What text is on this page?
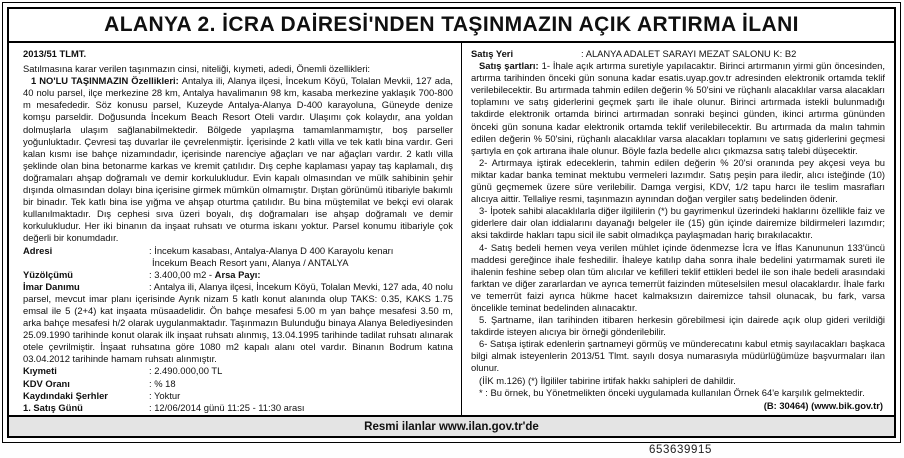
ALANYA 2. İCRA DAİRESİ'NDEN TAŞINMAZIN AÇIK ARTIRMA İLANI

2013/51 TLMT.

Satılmasına karar verilen taşınmazın cinsi, niteliği, kıymeti, adedi, Önemli özellikleri:

1 NO'LU TAŞINMAZIN Özellikleri: Antalya ili, Alanya ilçesi, İncekum Köyü, Tolalan Mevkii, 127 ada, 40 nolu parsel, ilçe merkezine 28 km, Antalya havalimanın 98 km, kasaba merkezine yaklaşık 700-800 m mesafededir. Söz konusu parsel, Kuzeyde Antalya-Alanya D-400 karayoluna, Güneyde denize komşu parseldir. Doğusunda İncekum Beach Resort Oteli vardır. Ulaşımı çok kolaydır, ana yoldan dolmuşlarla ulaşım sağlanabilmektedir. Bölgede yapılaşma tamamlanmamıştır, boş parseller yoğunluktadır. Çevresi taş duvarlar ile çevrelenmiştir. İçerisinde 2 katlı villa ve tek katlı bina vardır. Geri kalan kısmı ise bahçe nizamındadır, içerisinde narenciye ağaçları ve nar ağaçları vardır. 2 katlı villa şeklinde olan bina betonarme karkas ve kremit çatılıdır. Dış cephe kaplaması yapay taş kaplamalı, dış doğramaları ahşap doğramalı ve demir korkulukludur. Evin kapalı olmasından ve mülk sahibinin şehir dışında olmasından dolayı bina içerisine girmek mümkün olmamıştır. Dıştan görünümü itibariyle bakımlı bir binadır. Tek katlı bina ise yığma ve ahşap oturtma çatılıdır. Bu bina müştemilat ve bekçi evi olarak kullanılmaktadır. Dış cephesi sıva üzeri boyalı, dış doğramaları ise ahşap doğramalı ve demir korkulukludur. Her iki binanın da inşaat ruhsatı ve oturma iskanı yoktur. Parsel konumu itibariyle çok değerli bir konumdadır.

Adresi	: İncekum kasabası, Antalya-Alanya D 400 Karayolu kenarı
İncekum Beach Resort yanı, Alanya / ANTALYA
Yüzölçümü	: 3.400,00 m2 - Arsa Payı:

İmar Danımu	: Antalya ili, Alanya ilçesi, İncekum Köyü, Tolalan Mevki, 127 ada, 40 nolu parsel, mevcut imar planı içerisinde Ayrık nizam 5 katlı konut alanında olup TAKS: 0.35, KAKS 1.75 emsal ile 5 (2+4) kat inşaata müsaadelidir. Ön bahçe mesafesi 5.00 m yan bahçe mesafesi 3.50 m, arka bahçe mesafesi h/2 olarak uygulanmaktadır. Taşınmazın Bulunduğu binaya Alanya Belediyesinden 25.09.1990 tarihinde konut olarak ilk inşaat ruhsatı alınmış, 13.04.1995 tarihinde tadilat ruhsatı alınarak otele çevrilmiştir. İnşaat ruhsatına göre 1080 m2 kapalı alanı otel vardır. Binanın Bodrum katına 03.04.2012 tarihinde hamam ruhsatı alınmıştır.

Kıymeti	: 2.490.000,00 TL
KDV Oranı	: % 18
Kaydındaki Şerhler	: Yoktur
1. Satış Günü	: 12/06/2014 günü 11:25 - 11:30 arası
Satış Yeri	: ALANYA ADALET SARAYI MEZAT SALONU K: B2

Satış şartları: 1- İhale açık artırma suretiyle yapılacaktır. Birinci artırmanın yirmi gün öncesinden, artırma tarihinden önceki gün sonuna kadar esatis.uyap.gov.tr adresinden elektronik ortamda teklif verilebilecektir. Bu artırmada tahmin edilen değerin % 50'sini ve rüçhanlı alacaklılar varsa alacakları toplamını ve satış giderlerini geçmek şartı ile ihale olunur. Birinci artırmada istekli bulunmadığı takdirde elektronik ortamda birinci artırmadan sonraki beşinci günden, ikinci artırma gününden önceki gün sonuna kadar elektronik ortamda teklif verilebilecektir. Bu artırmada da malın tahmin edilen değerin % 50'sini, rüçhanlı alacaklılar varsa alacakları toplamını ve satış giderlerini geçmesi şartıyla en çok artırana ihale olunur. Böyle fazla bedelle alıcı çıkmazsa satış talebi düşecektir.

2- Artırmaya iştirak edeceklerin, tahmin edilen değerin % 20'si oranında pey akçesi veya bu miktar kadar banka teminat mektubu vermeleri lazımdır. Satış peşin para iledir, alıcı isteğinde (10) günü geçmemek üzere süre verilebilir. Damga vergisi, KDV, 1/2 tapu harcı ile teslim masrafları alıcıya aittir. Tellaliye resmi, taşınmazın aynından doğan vergiler satış bedelinden ödenir.

3- İpotek sahibi alacaklılarla diğer ilgililerin (*) bu gayrimenkul üzerindeki haklarını özellikle faiz ve giderlere dair olan iddialarını dayanağı belgeler ile (15) gün içinde dairemize bildirmeleri lazımdır; aksi takdirde hakları tapu sicil ile sabit olmadıkça paylaşmadan hariç bırakılacaktır.

4- Satış bedeli hemen veya verilen mühlet içinde ödenmezse İcra ve İflas Kanununun 133'üncü maddesi gereğince ihale feshedilir. İhaleye katılıp daha sonra ihale bedelini yatırmamak sureti ile ihalenin feshine sebep olan tüm alıcılar ve kefilleri teklif ettikleri bedel ile son ihale bedeli arasındaki farktan ve diğer zararlardan ve ayrıca temerrüt faizinden müteselsilen mesul olacaklardır. İhale farkı ve temerrüt faizi ayrıca hükme hacet kalmaksızın dairemizce tahsil olunacak, bu fark, varsa öncelikle teminat bedelinden alınacaktır.

5. Şartname, ilan tarihinden itibaren herkesin görebilmesi için dairede açık olup gideri verildiği takdirde isteyen alıcıya bir örneği gönderilebilir.

6- Satışa iştirak edenlerin şartnameyi görmüş ve münderecatını kabul etmiş sayılacakları başkaca bilgi almak isteyenlerin 2013/51 Tlmt. sayılı dosya numarasıyla müdürlüğümüze başvurmaları ilan olunur.

(İİK m.126) (*) İlgililer tabirine irtifak hakkı sahipleri de dahildir.

* : Bu örnek, bu Yönetmelikten önceki uygulamada kullanılan Örnek 64'e karşılık gelmektedir.

(B: 30464) (www.bik.gov.tr)

Resmi ilanlar www.ilan.gov.tr'de
653639915
